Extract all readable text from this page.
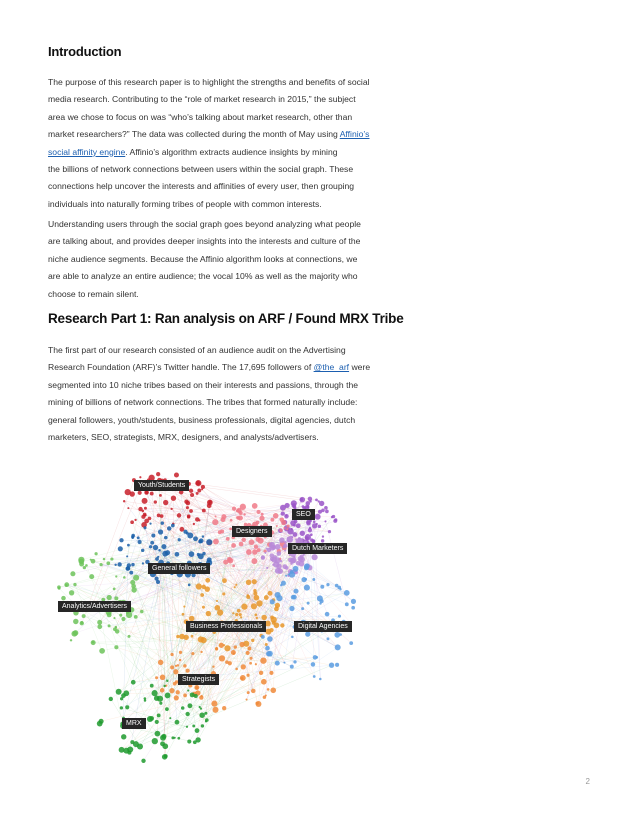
Introduction
The purpose of this research paper is to highlight the strengths and benefits of social
media research. Contributing to the “role of market research in 2015,” the subject
area we chose to focus on was “who’s talking about market research, other than
market researchers?” The data was collected during the month of May using Affinio’s
social affinity engine. Affinio’s algorithm extracts audience insights by mining
the billions of network connections between users within the social graph. These
connections help uncover the interests and affinities of every user, then grouping
individuals into naturally forming tribes of people with common interests.
Understanding users through the social graph goes beyond analyzing what people
are talking about, and provides deeper insights into the interests and culture of the
niche audience segments. Because the Affinio algorithm looks at connections, we
are able to analyze an entire audience; the vocal 10% as well as the majority who
choose to remain silent.
Research Part 1: Ran analysis on ARF / Found MRX Tribe
The first part of our research consisted of an audience audit on the Advertising
Research Foundation (ARF)’s Twitter handle. The 17,695 followers of @the_arf were
segmented into 10 niche tribes based on their interests and passions, through the
mining of billions of network connections. The tribes that formed naturally include:
general followers, youth/students, business professionals, digital agencies, dutch
marketers, SEO, strategists, MRX, designers, and analysts/advertisers.
Youth/Students
SEO
Designers
Dutch Marketers
General followers
Analytics/Advertisers
Business Professionals	Digital Agencies
Strategists
MRX
2
